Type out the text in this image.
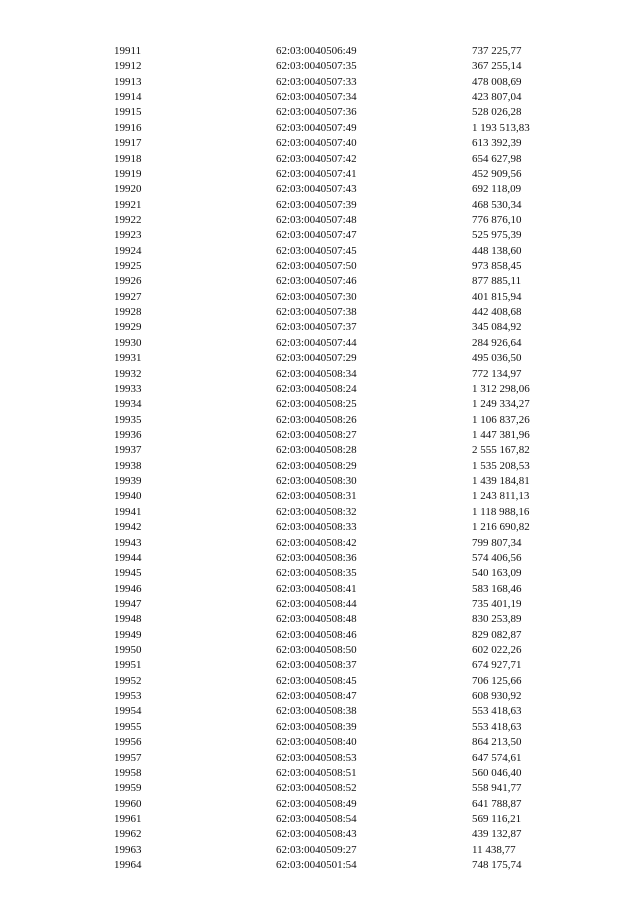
19911	62:03:0040506:49	737 225,77
19912	62:03:0040507:35	367 255,14
19913	62:03:0040507:33	478 008,69
19914	62:03:0040507:34	423 807,04
19915	62:03:0040507:36	528 026,28
19916	62:03:0040507:49	1 193 513,83
19917	62:03:0040507:40	613 392,39
19918	62:03:0040507:42	654 627,98
19919	62:03:0040507:41	452 909,56
19920	62:03:0040507:43	692 118,09
19921	62:03:0040507:39	468 530,34
19922	62:03:0040507:48	776 876,10
19923	62:03:0040507:47	525 975,39
19924	62:03:0040507:45	448 138,60
19925	62:03:0040507:50	973 858,45
19926	62:03:0040507:46	877 885,11
19927	62:03:0040507:30	401 815,94
19928	62:03:0040507:38	442 408,68
19929	62:03:0040507:37	345 084,92
19930	62:03:0040507:44	284 926,64
19931	62:03:0040507:29	495 036,50
19932	62:03:0040508:34	772 134,97
19933	62:03:0040508:24	1 312 298,06
19934	62:03:0040508:25	1 249 334,27
19935	62:03:0040508:26	1 106 837,26
19936	62:03:0040508:27	1 447 381,96
19937	62:03:0040508:28	2 555 167,82
19938	62:03:0040508:29	1 535 208,53
19939	62:03:0040508:30	1 439 184,81
19940	62:03:0040508:31	1 243 811,13
19941	62:03:0040508:32	1 118 988,16
19942	62:03:0040508:33	1 216 690,82
19943	62:03:0040508:42	799 807,34
19944	62:03:0040508:36	574 406,56
19945	62:03:0040508:35	540 163,09
19946	62:03:0040508:41	583 168,46
19947	62:03:0040508:44	735 401,19
19948	62:03:0040508:48	830 253,89
19949	62:03:0040508:46	829 082,87
19950	62:03:0040508:50	602 022,26
19951	62:03:0040508:37	674 927,71
19952	62:03:0040508:45	706 125,66
19953	62:03:0040508:47	608 930,92
19954	62:03:0040508:38	553 418,63
19955	62:03:0040508:39	553 418,63
19956	62:03:0040508:40	864 213,50
19957	62:03:0040508:53	647 574,61
19958	62:03:0040508:51	560 046,40
19959	62:03:0040508:52	558 941,77
19960	62:03:0040508:49	641 788,87
19961	62:03:0040508:54	569 116,21
19962	62:03:0040508:43	439 132,87
19963	62:03:0040509:27	11 438,77
19964	62:03:0040501:54	748 175,74
